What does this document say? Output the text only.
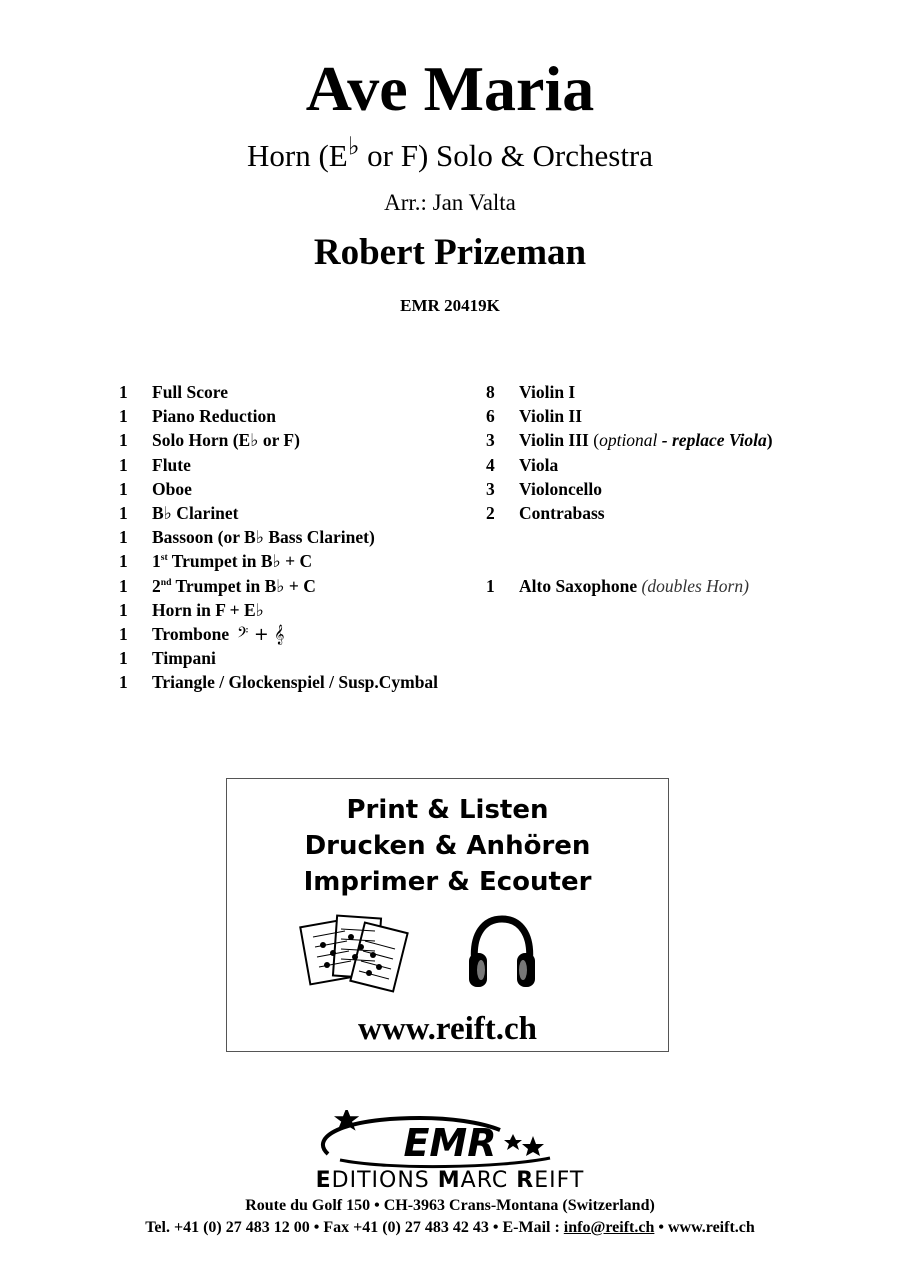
Ave Maria
Horn (E♭ or F) Solo & Orchestra
Arr.: Jan Valta
Robert Prizeman
EMR 20419K
1 Full Score
1 Piano Reduction
1 Solo Horn (E♭ or F)
1 Flute
1 Oboe
1 B♭ Clarinet
1 Bassoon (or B♭ Bass Clarinet)
1 1st Trumpet in B♭ + C
1 2nd Trumpet in B♭ + C
1 Horn in F + E♭
1 Trombone 𝄢 + 𝄞
1 Timpani
1 Triangle / Glockenspiel / Susp.Cymbal
8 Violin I
6 Violin II
3 Violin III (optional - replace Viola)
4 Viola
3 Violoncello
2 Contrabass
1 Alto Saxophone (doubles Horn)
Print & Listen
Drucken & Anhören
Imprimer & Ecouter
www.reift.ch
EMR
EDITIONS MARC REIFT
Route du Golf 150 • CH-3963 Crans-Montana (Switzerland)
Tel. +41 (0) 27 483 12 00 • Fax +41 (0) 27 483 42 43 • E-Mail : info@reift.ch • www.reift.ch
